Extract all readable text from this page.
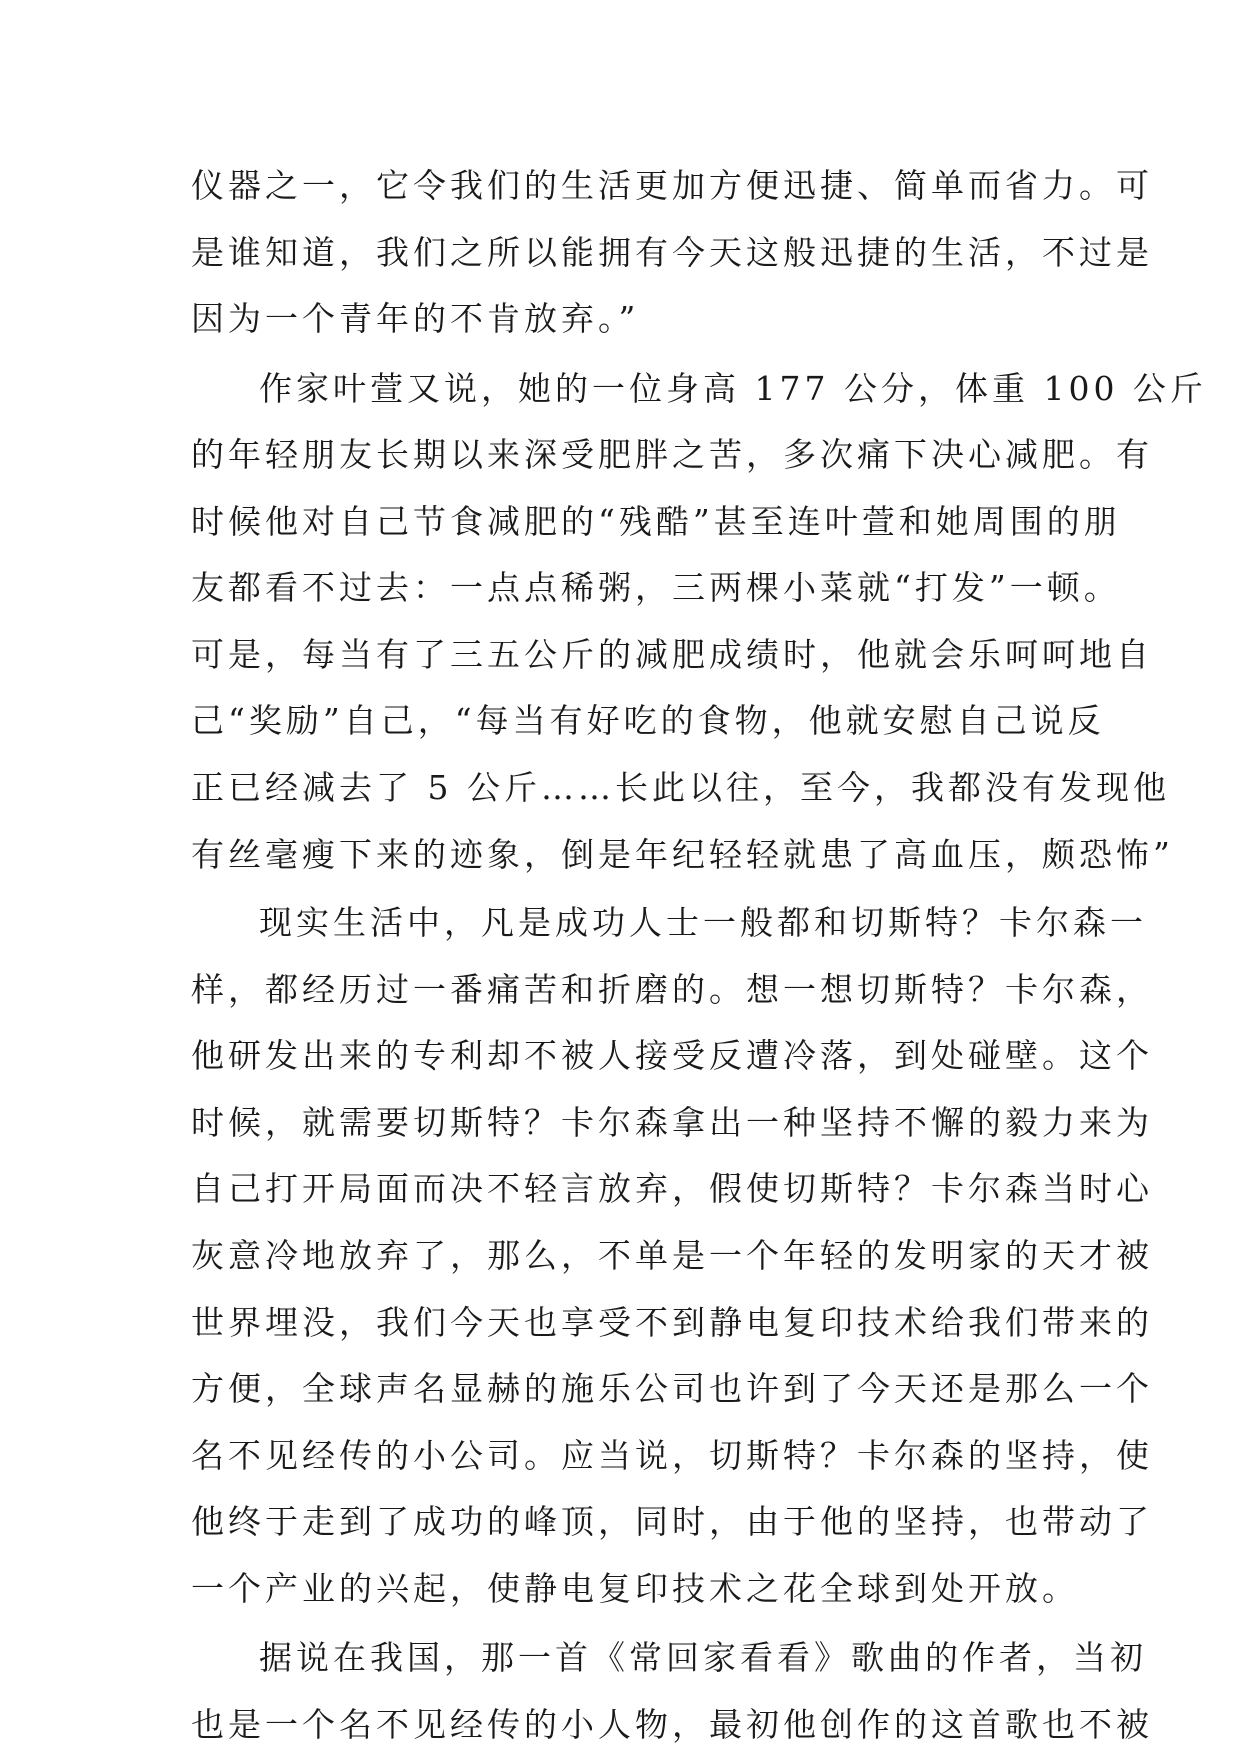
仪器之一，它令我们的生活更加方便迅捷、简单而省力。可
是谁知道，我们之所以能拥有今天这般迅捷的生活，不过是
因为一个青年的不肯放弃。”
作家叶萱又说，她的一位身高 177 公分，体重 100 公斤
的年轻朋友长期以来深受肥胖之苦，多次痛下决心减肥。有
时候他对自己节食减肥的“残酷”甚至连叶萱和她周围的朋
友都看不过去：一点点稀粥，三两棵小菜就“打发”一顿。
可是，每当有了三五公斤的减肥成绩时，他就会乐呵呵地自
己“奖励”自己，“每当有好吃的食物，他就安慰自己说反
正已经减去了 5 公斤……长此以往，至今，我都没有发现他
有丝毫瘦下来的迹象，倒是年纪轻轻就患了高血压，颇恐怖”
现实生活中，凡是成功人士一般都和切斯特？卡尔森一
样，都经历过一番痛苦和折磨的。想一想切斯特？卡尔森，
他研发出来的专利却不被人接受反遭冷落，到处碰壁。这个
时候，就需要切斯特？卡尔森拿出一种坚持不懈的毅力来为
自己打开局面而决不轻言放弃，假使切斯特？卡尔森当时心
灰意冷地放弃了，那么，不单是一个年轻的发明家的天才被
世界埋没，我们今天也享受不到静电复印技术给我们带来的
方便，全球声名显赫的施乐公司也许到了今天还是那么一个
名不见经传的小公司。应当说，切斯特？卡尔森的坚持，使
他终于走到了成功的峰顶，同时，由于他的坚持，也带动了
一个产业的兴起，使静电复印技术之花全球到处开放。
据说在我国，那一首《常回家看看》歌曲的作者，当初
也是一个名不见经传的小人物，最初他创作的这首歌也不被
